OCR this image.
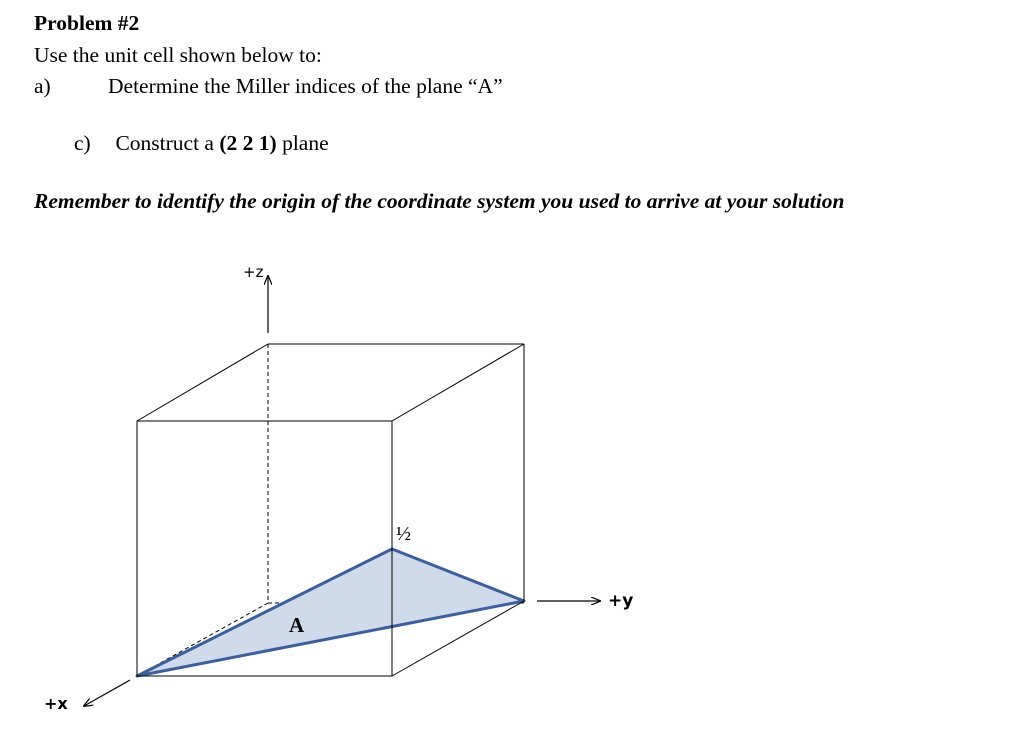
Problem #2
Use the unit cell shown below to:
a)	Determine the Miller indices of the plane “A”
c) Construct a (2 2 1) plane
Remember to identify the origin of the coordinate system you used to arrive at your solution
+z
+y
+x
½
A
